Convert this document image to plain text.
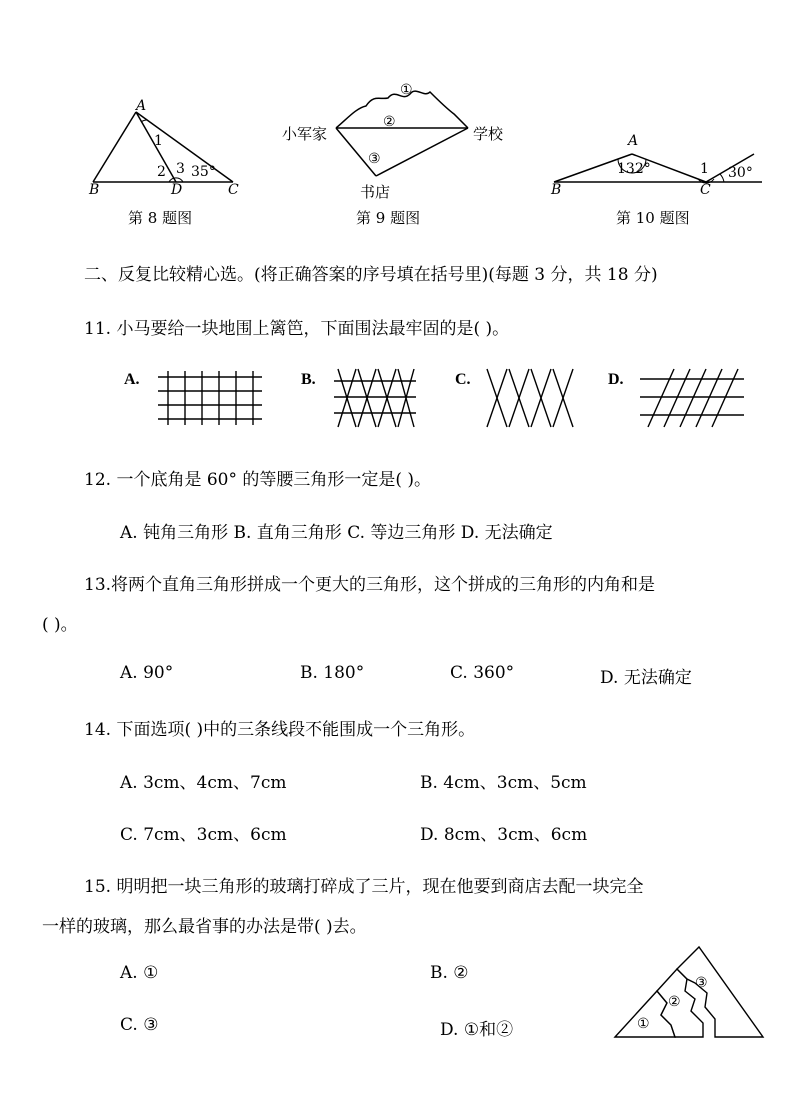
A
B	D	C
1
2 3 35°
第 8 题图
①
②
③
小军家	学校
书店
第 9 题图
A
B	C
132°	1 30°
第 10 题图
二、反复比较精心选。(将正确答案的序号填在括号里)(每题 3 分，共 18 分)
11. 小马要给一块地围上篱笆，下面围法最牢固的是( )。
A.	B.	C.	D.
12. 一个底角是 60° 的等腰三角形一定是( )。
A. 钝角三角形 B. 直角三角形 C. 等边三角形 D. 无法确定
13.将两个直角三角形拼成一个更大的三角形，这个拼成的三角形的内角和是
( )。
A. 90°	B. 180°	C. 360°	D. 无法确定
14. 下面选项( )中的三条线段不能围成一个三角形。
A. 3cm、4cm、7cm	B. 4cm、3cm、5cm
C. 7cm、3cm、6cm	D. 8cm、3cm、6cm
15. 明明把一块三角形的玻璃打碎成了三片，现在他要到商店去配一块完全
一样的玻璃，那么最省事的办法是带( )去。
A. ①	B. ②
C. ③	D. ①和②	①
②
③
